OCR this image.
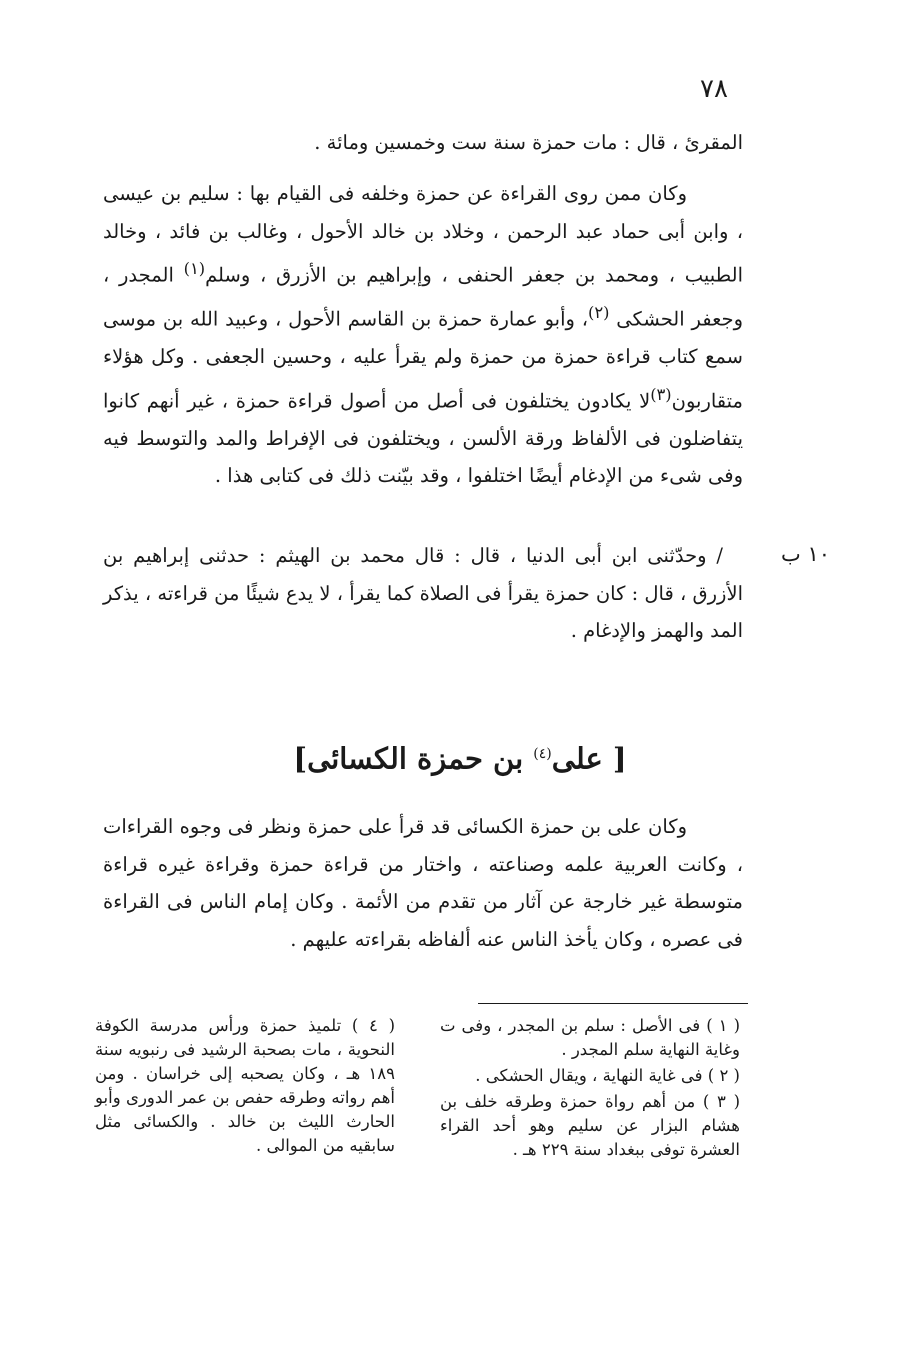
٧٨

المقرئ ، قال : مات حمزة سنة ست وخمسين ومائة .

وكان ممن روى القراءة عن حمزة وخلفه فى القيام بها : سليم بن عيسى ، وابن أبى حماد عبد الرحمن ، وخلاد بن خالد الأحول ، وغالب بن فائد ، وخالد الطبيب ، ومحمد بن جعفر الحنفى ، وإبراهيم بن الأزرق ، وسلم$^{(١)}$ المجدر ، وجعفر الحشكى $^{(٢)}$، وأبو عمارة حمزة بن القاسم الأحول ، وعبيد الله بن موسى سمع كتاب قراءة حمزة من حمزة ولم يقرأ عليه ، وحسين الجعفى . وكل هؤلاء متقاربون$^{(٣)}$لا يكادون يختلفون فى أصل من أصول قراءة حمزة ، غير أنهم كانوا يتفاضلون فى الألفاظ ورقة الألسن ، ويختلفون فى الإفراط والمد والتوسط فيه وفى شىء من الإدغام أيضًا اختلفوا ، وقد بيّنت ذلك فى كتابى هذا .

١٠ ب

/ وحدّثنى ابن أبى الدنيا ، قال : قال محمد بن الهيثم : حدثنى إبراهيم بن الأزرق ، قال : كان حمزة يقرأ فى الصلاة كما يقرأ ، لا يدع شيئًا من قراءته ، يذكر المد والهمز والإدغام .

[ على$^{(٤)}$ بن حمزة الكسائى]

وكان على بن حمزة الكسائى قد قرأ على حمزة ونظر فى وجوه القراءات ، وكانت العربية علمه وصناعته ، واختار من قراءة حمزة وقراءة غيره قراءة متوسطة غير خارجة عن آثار من تقدم من الأئمة . وكان إمام الناس فى القراءة فى عصره ، وكان يأخذ الناس عنه ألفاظه بقراءته عليهم .

( ١ ) فى الأصل : سلم بن المجدر ، وفى ت وغاية النهاية سلم المجدر .

( ٢ ) فى غاية النهاية ، ويقال الحشكى .

( ٣ ) من أهم رواة حمزة وطرقه خلف بن هشام البزار عن سليم وهو أحد القراء العشرة توفى ببغداد سنة ٢٢٩ هـ .

( ٤ ) تلميذ حمزة ورأس مدرسة الكوفة النحوية ، مات بصحبة الرشيد فى رنبويه سنة ١٨٩ هـ ، وكان يصحبه إلى خراسان . ومن أهم رواته وطرقه حفص بن عمر الدورى وأبو الحارث الليث بن خالد . والكسائى مثل سابقيه من الموالى .
